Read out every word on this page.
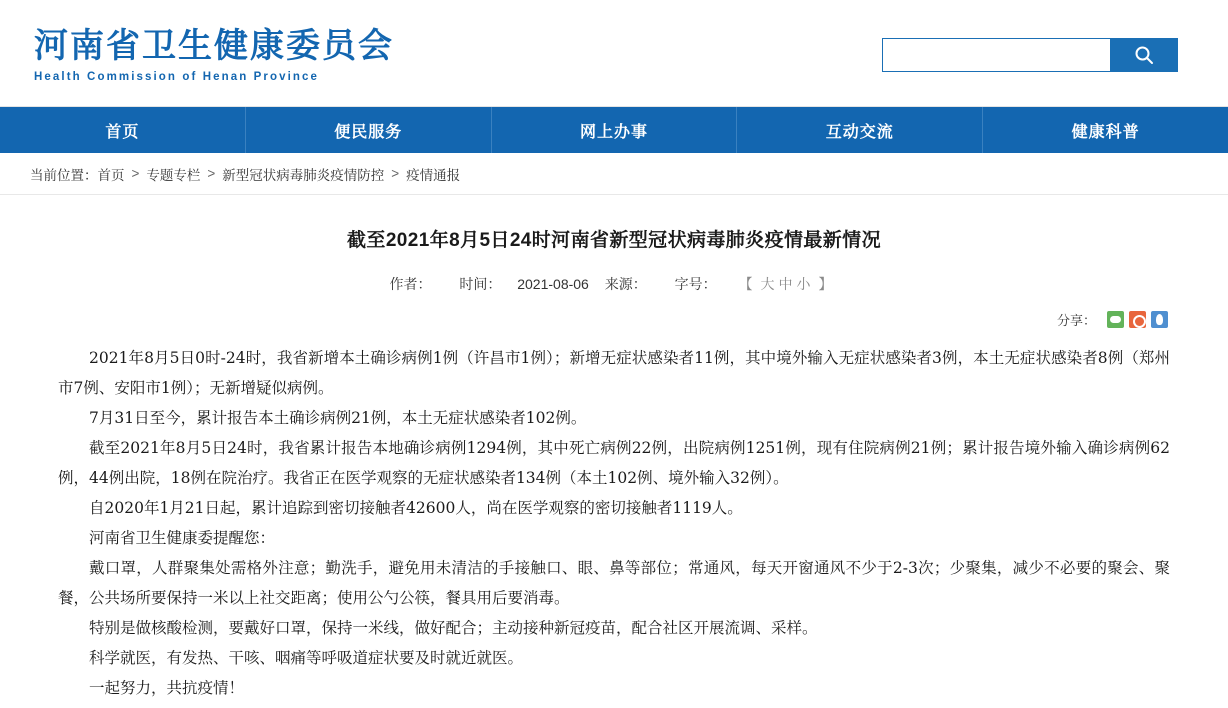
河南省卫生健康委员会
Health Commission of Henan Province
首页	便民服务	网上办事	互动交流	健康科普
当前位置： 首页 > 专题专栏 > 新型冠状病毒肺炎疫情防控 > 疫情通报
截至2021年8月5日24时河南省新型冠状病毒肺炎疫情最新情况
作者： 时间： 2021-08-06 来源： 字号： 【 大 中 小 】
分享：

2021年8月5日0时-24时，我省新增本土确诊病例1例（许昌市1例）；新增无症状感染者11例，其中境外输入无症状感染者3例，本土无症状感染者8例（郑州市7例、安阳市1例）；无新增疑似病例。

7月31日至今，累计报告本土确诊病例21例，本土无症状感染者102例。

截至2021年8月5日24时，我省累计报告本地确诊病例1294例，其中死亡病例22例，出院病例1251例，现有住院病例21例；累计报告境外输入确诊病例62例，44例出院，18例在院治疗。我省正在医学观察的无症状感染者134例（本土102例、境外输入32例）。

自2020年1月21日起，累计追踪到密切接触者42600人，尚在医学观察的密切接触者1119人。

河南省卫生健康委提醒您：

戴口罩，人群聚集处需格外注意；勤洗手，避免用未清洁的手接触口、眼、鼻等部位；常通风，每天开窗通风不少于2-3次；少聚集，减少不必要的聚会、聚餐，公共场所要保持一米以上社交距离；使用公勺公筷，餐具用后要消毒。

特别是做核酸检测，要戴好口罩，保持一米线，做好配合；主动接种新冠疫苗，配合社区开展流调、采样。

科学就医，有发热、干咳、咽痛等呼吸道症状要及时就近就医。

一起努力，共抗疫情！
